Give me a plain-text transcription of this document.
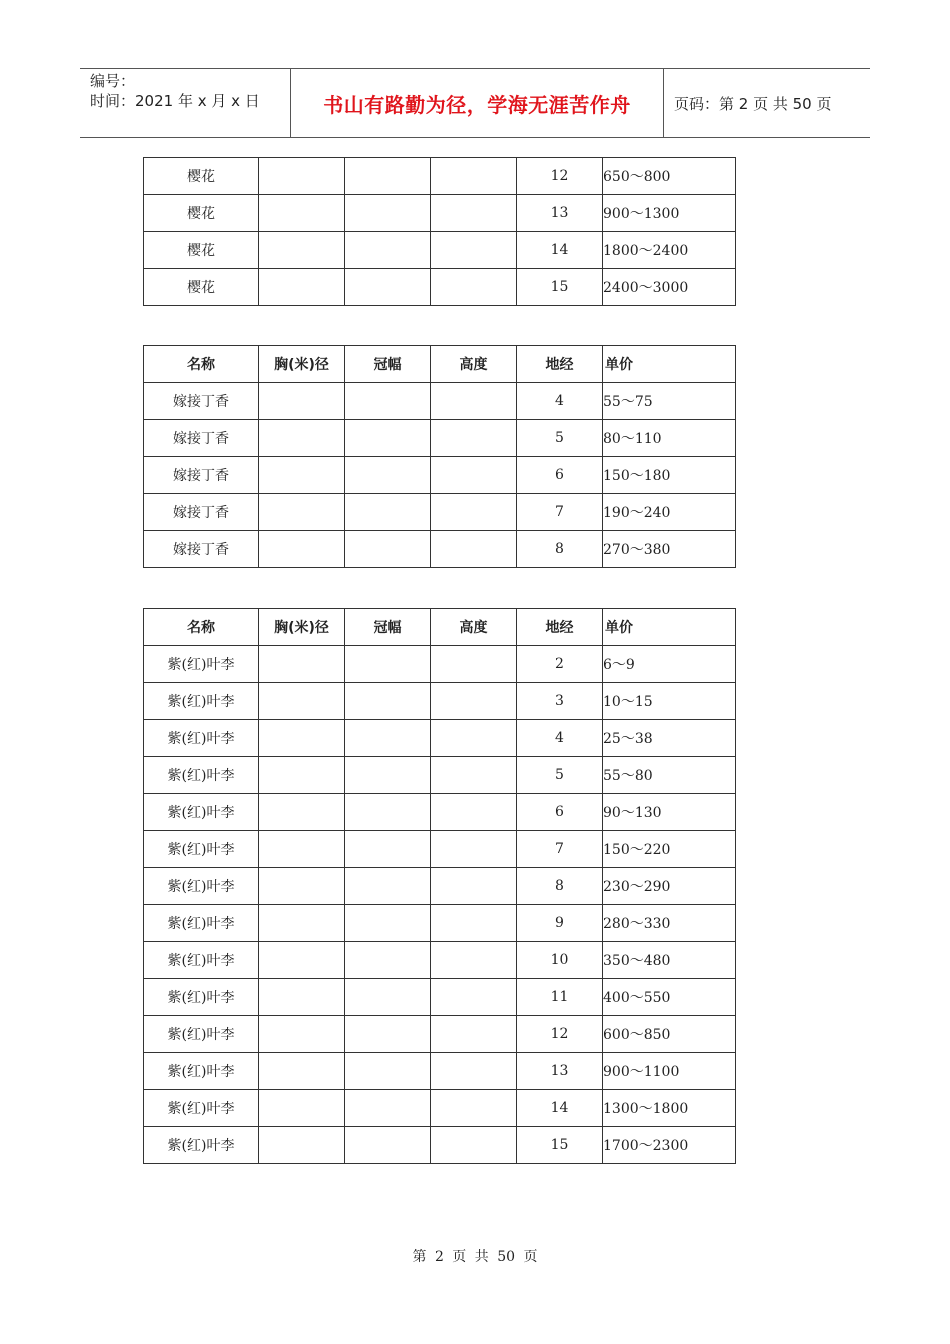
编号：
时间：2021 年 x 月 x 日	书山有路勤为径，学海无涯苦作舟	页码：第 2 页 共 50 页
樱花				12	650～800
樱花				13	900～1300
樱花				14	1800～2400
樱花				15	2400～3000
名称	胸(米)径	冠幅	高度	地经	单价
嫁接丁香				4	55～75
嫁接丁香				5	80～110
嫁接丁香				6	150～180
嫁接丁香				7	190～240
嫁接丁香				8	270～380
名称	胸(米)径	冠幅	高度	地经	单价
紫(红)叶李				2	6～9
紫(红)叶李				3	10～15
紫(红)叶李				4	25～38
紫(红)叶李				5	55～80
紫(红)叶李				6	90～130
紫(红)叶李				7	150～220
紫(红)叶李				8	230～290
紫(红)叶李				9	280～330
紫(红)叶李				10	350～480
紫(红)叶李				11	400～550
紫(红)叶李				12	600～850
紫(红)叶李				13	900～1100
紫(红)叶李				14	1300～1800
紫(红)叶李				15	1700～2300
第 2 页 共 50 页
